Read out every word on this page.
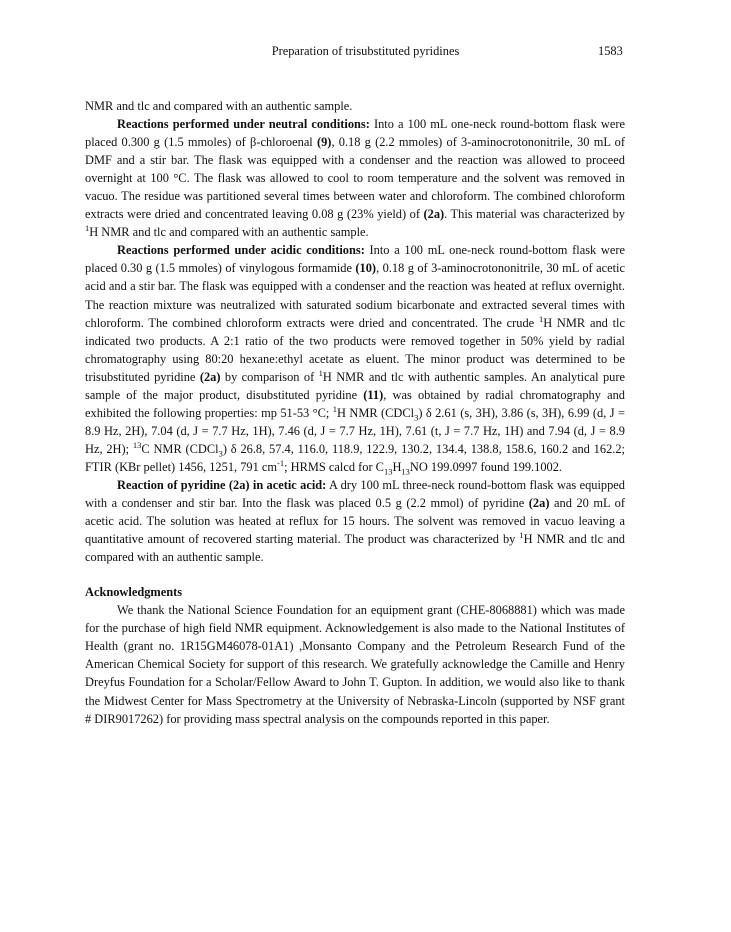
Preparation of trisubstituted pyridines	1583

NMR and tlc and compared with an authentic sample.

Reactions performed under neutral conditions: Into a 100 mL one-neck round-bottom flask were placed 0.300 g (1.5 mmoles) of β-chloroenal (9), 0.18 g (2.2 mmoles) of 3-aminocrotononitrile, 30 mL of DMF and a stir bar. The flask was equipped with a condenser and the reaction was allowed to proceed overnight at 100 °C. The flask was allowed to cool to room temperature and the solvent was removed in vacuo. The residue was partitioned several times between water and chloroform. The combined chloroform extracts were dried and concentrated leaving 0.08 g (23% yield) of (2a). This material was characterized by $^1$H NMR and tlc and compared with an authentic sample.

Reactions performed under acidic conditions: Into a 100 mL one-neck round-bottom flask were placed 0.30 g (1.5 mmoles) of vinylogous formamide (10), 0.18 g of 3-aminocrotononitrile, 30 mL of acetic acid and a stir bar. The flask was equipped with a condenser and the reaction was heated at reflux overnight. The reaction mixture was neutralized with saturated sodium bicarbonate and extracted several times with chloroform. The combined chloroform extracts were dried and concentrated. The crude $^1$H NMR and tlc indicated two products. A 2:1 ratio of the two products were removed together in 50% yield by radial chromatography using 80:20 hexane:ethyl acetate as eluent. The minor product was determined to be trisubstituted pyridine (2a) by comparison of $^1$H NMR and tlc with authentic samples. An analytical pure sample of the major product, disubstituted pyridine (11), was obtained by radial chromatography and exhibited the following properties: mp 51-53 °C; $^1$H NMR (CDCl$_3$) δ 2.61 (s, 3H), 3.86 (s, 3H), 6.99 (d, J = 8.9 Hz, 2H), 7.04 (d, J = 7.7 Hz, 1H), 7.46 (d, J = 7.7 Hz, 1H), 7.61 (t, J = 7.7 Hz, 1H) and 7.94 (d, J = 8.9 Hz, 2H); $^{13}$C NMR (CDCl$_3$) δ 26.8, 57.4, 116.0, 118.9, 122.9, 130.2, 134.4, 138.8, 158.6, 160.2 and 162.2; FTIR (KBr pellet) 1456, 1251, 791 $cm^{-1}$; HRMS calcd for $C_{13}H_{13}NO$ 199.0997 found 199.1002.

Reaction of pyridine (2a) in acetic acid: A dry 100 mL three-neck round-bottom flask was equipped with a condenser and stir bar. Into the flask was placed 0.5 g (2.2 mmol) of pyridine (2a) and 20 mL of acetic acid. The solution was heated at reflux for 15 hours. The solvent was removed in vacuo leaving a quantitative amount of recovered starting material. The product was characterized by $^1$H NMR and tlc and compared with an authentic sample.

Acknowledgments

We thank the National Science Foundation for an equipment grant (CHE-8068881) which was made for the purchase of high field NMR equipment. Acknowledgement is also made to the National Institutes of Health (grant no. 1R15GM46078-01A1) ,Monsanto Company and the Petroleum Research Fund of the American Chemical Society for support of this research. We gratefully acknowledge the Camille and Henry Dreyfus Foundation for a Scholar/Fellow Award to John T. Gupton. In addition, we would also like to thank the Midwest Center for Mass Spectrometry at the University of Nebraska-Lincoln (supported by NSF grant # DIR9017262) for providing mass spectral analysis on the compounds reported in this paper.
